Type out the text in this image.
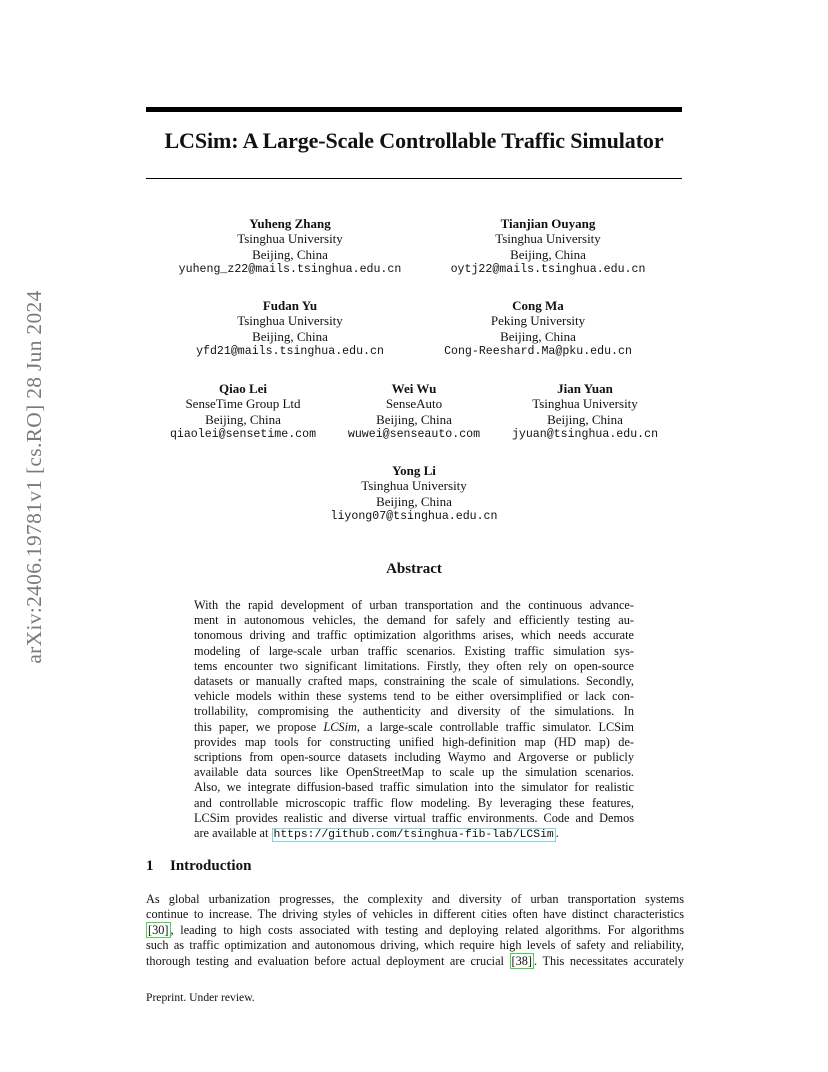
arXiv:2406.19781v1 [cs.RO] 28 Jun 2024
LCSim: A Large-Scale Controllable Traffic Simulator
Yuheng Zhang
Tsinghua University
Beijing, China
yuheng_z22@mails.tsinghua.edu.cn
Tianjian Ouyang
Tsinghua University
Beijing, China
oytj22@mails.tsinghua.edu.cn
Fudan Yu
Tsinghua University
Beijing, China
yfd21@mails.tsinghua.edu.cn
Cong Ma
Peking University
Beijing, China
Cong-Reeshard.Ma@pku.edu.cn
Qiao Lei
SenseTime Group Ltd
Beijing, China
qiaolei@sensetime.com
Wei Wu
SenseAuto
Beijing, China
wuwei@senseauto.com
Jian Yuan
Tsinghua University
Beijing, China
jyuan@tsinghua.edu.cn
Yong Li
Tsinghua University
Beijing, China
liyong07@tsinghua.edu.cn
Abstract
With the rapid development of urban transportation and the continuous advance-
ment in autonomous vehicles, the demand for safely and efficiently testing au-
tonomous driving and traffic optimization algorithms arises, which needs accurate
modeling of large-scale urban traffic scenarios. Existing traffic simulation sys-
tems encounter two significant limitations. Firstly, they often rely on open-source
datasets or manually crafted maps, constraining the scale of simulations. Secondly,
vehicle models within these systems tend to be either oversimplified or lack con-
trollability, compromising the authenticity and diversity of the simulations. In
this paper, we propose LCSim, a large-scale controllable traffic simulator. LCSim
provides map tools for constructing unified high-definition map (HD map) de-
scriptions from open-source datasets including Waymo and Argoverse or publicly
available data sources like OpenStreetMap to scale up the simulation scenarios.
Also, we integrate diffusion-based traffic simulation into the simulator for realistic
and controllable microscopic traffic flow modeling. By leveraging these features,
LCSim provides realistic and diverse virtual traffic environments. Code and Demos
are available at https://github.com/tsinghua-fib-lab/LCSim .
1 Introduction
As global urbanization progresses, the complexity and diversity of urban transportation systems
continue to increase. The driving styles of vehicles in different cities often have distinct characteristics
[30] , leading to high costs associated with testing and deploying related algorithms. For algorithms
such as traffic optimization and autonomous driving, which require high levels of safety and reliability,
thorough testing and evaluation before actual deployment are crucial [38] . This necessitates accurately
Preprint. Under review.
